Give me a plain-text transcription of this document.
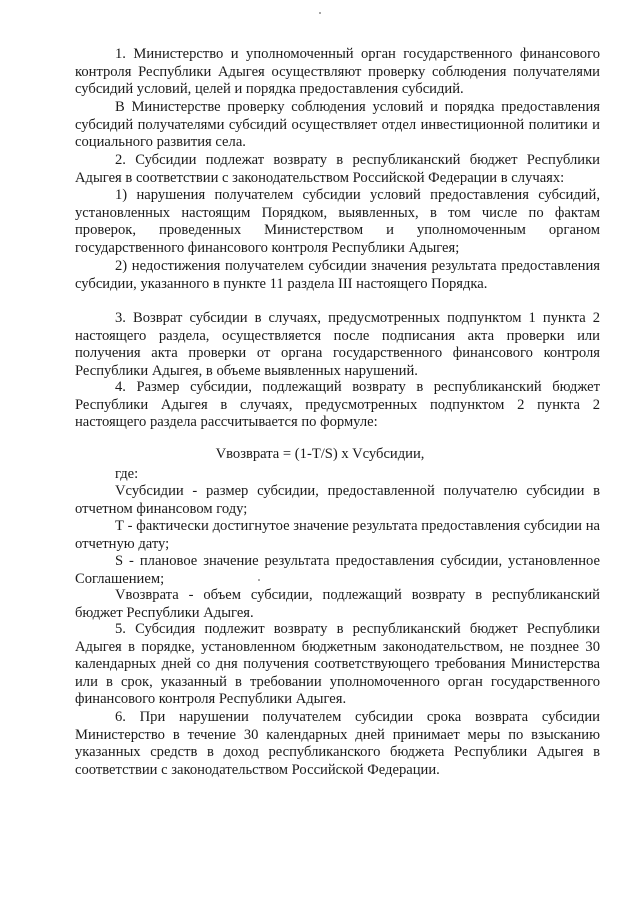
1. Министерство и уполномоченный орган государственного финансового контроля Республики Адыгея осуществляют проверку соблюдения получателями субсидий условий, целей и порядка предоставления субсидий.
В Министерстве проверку соблюдения условий и порядка предоставления субсидий получателями субсидий осуществляет отдел инвестиционной политики и социального развития села.
2. Субсидии подлежат возврату в республиканский бюджет Республики Адыгея в соответствии с законодательством Российской Федерации в случаях:
1) нарушения получателем субсидии условий предоставления субсидий, установленных настоящим Порядком, выявленных, в том числе по фактам проверок, проведенных Министерством и уполномоченным органом государственного финансового контроля Республики Адыгея;
2) недостижения получателем субсидии значения результата предоставления субсидии, указанного в пункте 11 раздела III настоящего Порядка.
3. Возврат субсидии в случаях, предусмотренных подпунктом 1 пункта 2 настоящего раздела, осуществляется после подписания акта проверки или получения акта проверки от органа государственного финансового контроля Республики Адыгея, в объеме выявленных нарушений.
4. Размер субсидии, подлежащий возврату в республиканский бюджет Республики Адыгея в случаях, предусмотренных подпунктом 2 пункта 2 настоящего раздела рассчитывается по формуле:
Vвозврата = (1-T/S) x Vсубсидии,
где:
Vсубсидии - размер субсидии, предоставленной получателю субсидии в отчетном финансовом году;
Т - фактически достигнутое значение результата предоставления субсидии на отчетную дату;
S - плановое значение результата предоставления субсидии, установленное Соглашением;
Vвозврата - объем субсидии, подлежащий возврату в республиканский бюджет Республики Адыгея.
5. Субсидия подлежит возврату в республиканский бюджет Республики Адыгея в порядке, установленном бюджетным законодательством, не позднее 30 календарных дней со дня получения соответствующего требования Министерства или в срок, указанный в требовании уполномоченного орган государственного финансового контроля Республики Адыгея.
6. При нарушении получателем субсидии срока возврата субсидии Министерство в течение 30 календарных дней принимает меры по взысканию указанных средств в доход республиканского бюджета Республики Адыгея в соответствии с законодательством Российской Федерации.
